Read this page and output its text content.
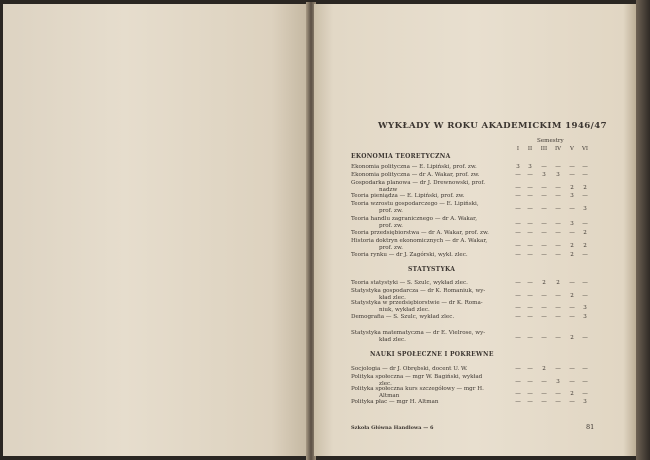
WYKŁADY W ROKU AKADEMICKIM 1946/47
Semestry
I	II	III	IV	V	VI
EKONOMIA TEORETYCZNA
Ekonomia polityczna — E. Lipiński, prof. zw.	3	3	—	—	—	—
Ekonomia polityczna — dr A. Wakar, prof. zw.	—	—	3	3	—	—
Gospodarka planowa — dr J. Drewnowski, prof.
nadzw	—	—	—	—	2	2
Teoria pieniądza — E. Lipiński, prof. zw.	—	—	—	—	3	—
Teoria wzrostu gospodarczego — E. Lipiński,
prof. zw.	—	—	—	—	—	3
Teoria handlu zagranicznego — dr A. Wakar,
prof. zw.	—	—	—	—	3	—
Teoria przedsiębiorstwa — dr A. Wakar, prof. zw.	—	—	—	—	—	2
Historia doktryn ekonomicznych — dr A. Wakar,
prof. zw.	—	—	—	—	2	2
Teoria rynku — dr J. Zagórski, wykł. zlec.	—	—	—	—	2	—
STATYSTYKA
Teoria statystyki — S. Szulc, wykład zlec.	—	—	2	2	—	—
Statystyka gospodarcza — dr K. Romaniuk, wy-
kład zlec.	—	—	—	—	2	—
Statystyka w przedsiębiorstwie — dr K. Roma-
niuk, wykład zlec.	—	—	—	—	—	3
Demografia — S. Szulc, wykład zlec.	—	—	—	—	—	3
Statystyka matematyczna — dr E. Vielrose, wy-
kład zlec.	—	—	—	—	2	—
NAUKI SPOŁECZNE I POKREWNE
Socjologia — dr J. Obrębski, docent U. W.	—	—	2	—	—	—
Polityka społeczna — mgr W. Bagiński, wykład
zlec.	—	—	—	3	—	—
Polityka społeczna kurs szczegółowy — mgr H.
Altman	—	—	—	—	2	—
Polityka płac — mgr H. Altman	—	—	—	—	—	3
Szkoła Główna Handlowa — 6	81
